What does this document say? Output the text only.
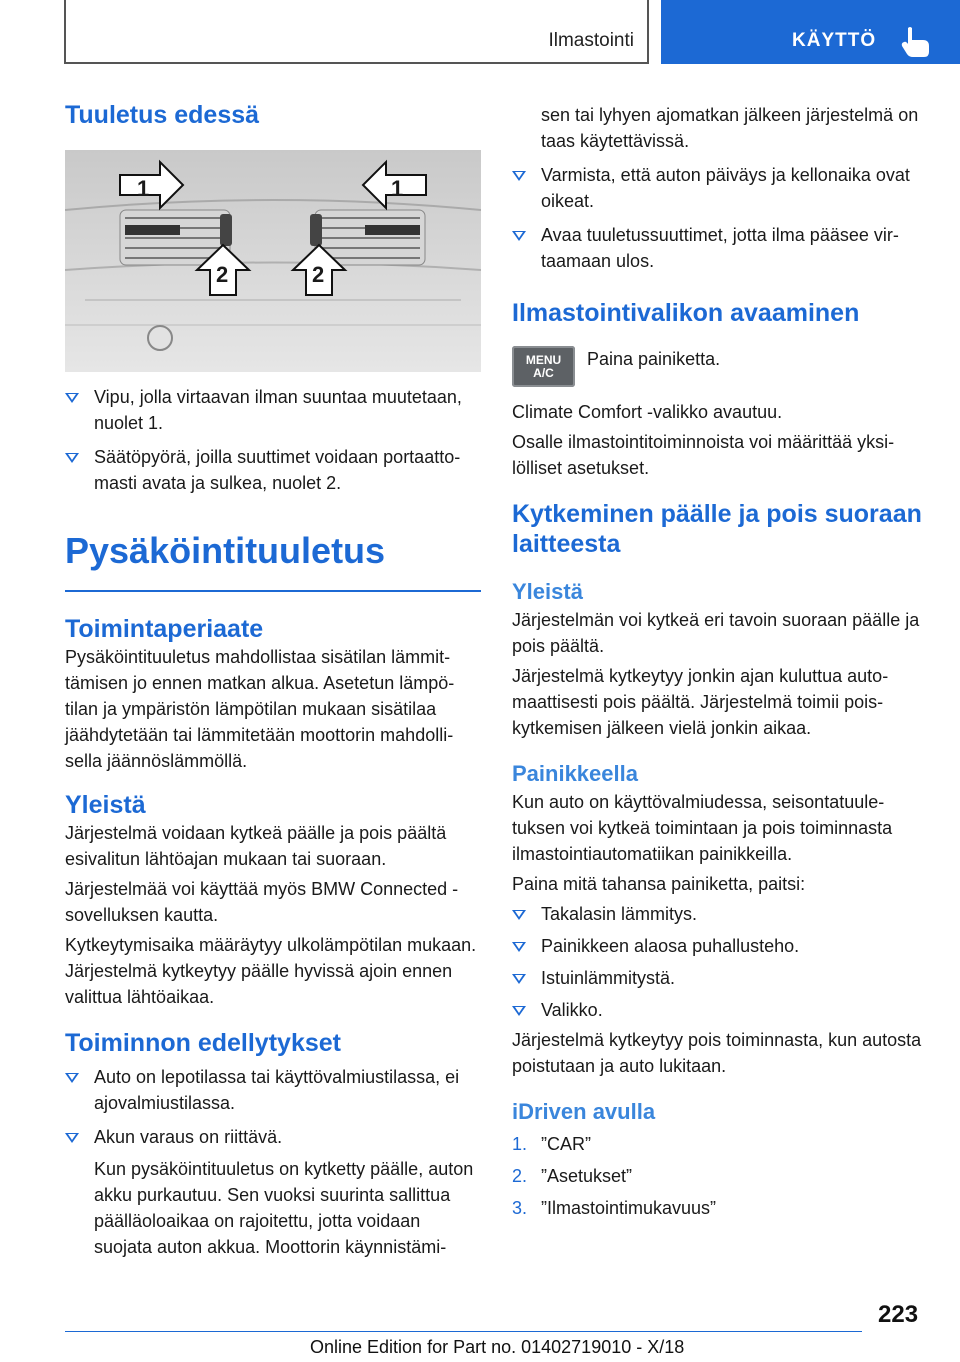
Ilmastointi	KÄYTTÖ
Tuuletus edessä
1	1
2	2
Vipu, jolla virtaavan ilman suuntaa muutetaan, nuolet 1.
Säätöpyörä, joilla suuttimet voidaan portaattomasti avata ja sulkea, nuolet 2.
Pysäköintituuletus
Toimintaperiaate

Pysäköintituuletus mahdollistaa sisätilan lämmittämisen jo ennen matkan alkua. Asetetun lämpötilan ja ympäristön lämpötilan mukaan sisätilaa jäähdytetään tai lämmitetään moottorin mahdollisella jäännöslämmöllä.

Yleistä

Järjestelmä voidaan kytkeä päälle ja pois päältä esivalitun lähtöajan mukaan tai suoraan.

Järjestelmää voi käyttää myös BMW Connected -sovelluksen kautta.

Kytkeytymisaika määräytyy ulkolämpötilan mukaan. Järjestelmä kytkeytyy päälle hyvissä ajoin ennen valittua lähtöaikaa.

Toiminnon edellytykset
Auto on lepotilassa tai käyttövalmiustilassa, ei ajovalmiustilassa.
Akun varaus on riittävä.

Kun pysäköintituuletus on kytketty päälle, auton akku purkautuu. Sen vuoksi suurinta sallittua päälläoloaikaa on rajoitettu, jotta voidaan suojata auton akkua. Moottorin käynnistämi-

sen tai lyhyen ajomatkan jälkeen järjestelmä on taas käytettävissä.

Varmista, että auton päiväys ja kellonaika ovat oikeat.
Avaa tuuletussuuttimet, jotta ilma pääsee virtaamaan ulos.
Ilmastointivalikon avaaminen
MENU
A/C
Paina painiketta.

Climate Comfort -valikko avautuu.

Osalle ilmastointitoiminnoista voi määrittää yksilölliset asetukset.

Kytkeminen päälle ja pois suoraan laitteesta
Yleistä

Järjestelmän voi kytkeä eri tavoin suoraan päälle ja pois päältä.

Järjestelmä kytkeytyy jonkin ajan kuluttua automaattisesti pois päältä. Järjestelmä toimii poiskytkemisen jälkeen vielä jonkin aikaa.

Painikkeella

Kun auto on käyttövalmiudessa, seisontatuuletuksen voi kytkeä toimintaan ja pois toiminnasta ilmastointiautomatiikan painikkeilla.

Paina mitä tahansa painiketta, paitsi:

Takalasin lämmitys.
Painikkeen alaosa puhallusteho.
Istuinlämmitystä.
Valikko.

Järjestelmä kytkeytyy pois toiminnasta, kun autosta poistutaan ja auto lukitaan.

iDriven avulla
1. ”CAR”
2. ”Asetukset”
3. ”Ilmastointimukavuus”
223
Online Edition for Part no. 01402719010 - X/18
